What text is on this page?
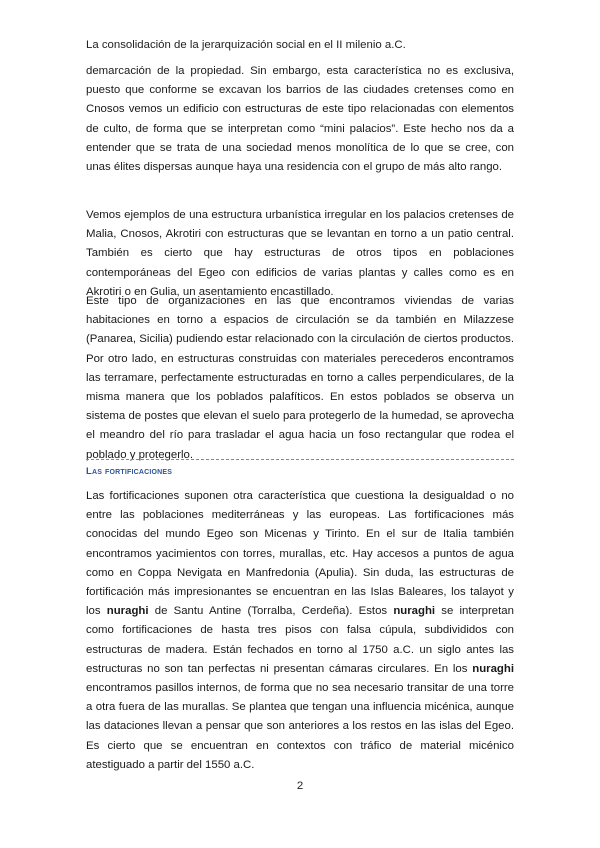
La consolidación de la jerarquización social en el II milenio a.C.

demarcación de la propiedad. Sin embargo, esta característica no es exclusiva, puesto que conforme se excavan los barrios de las ciudades cretenses como en Cnosos vemos un edificio con estructuras de este tipo relacionadas con elementos de culto, de forma que se interpretan como “mini palacios”. Este hecho nos da a entender que se trata de una sociedad menos monolítica de lo que se cree, con unas élites dispersas aunque haya una residencia con el grupo de más alto rango.

Vemos ejemplos de una estructura urbanística irregular en los palacios cretenses de Malia, Cnosos, Akrotiri con estructuras que se levantan en torno a un patio central. También es cierto que hay estructuras de otros tipos en poblaciones contemporáneas del Egeo con edificios de varias plantas y calles como es en Akrotiri o en Gulia, un asentamiento encastillado.

Este tipo de organizaciones en las que encontramos viviendas de varias habitaciones en torno a espacios de circulación se da también en Milazzese (Panarea, Sicilia) pudiendo estar relacionado con la circulación de ciertos productos. Por otro lado, en estructuras construidas con materiales perecederos encontramos las terramare, perfectamente estructuradas en torno a calles perpendiculares, de la misma manera que los poblados palafíticos. En estos poblados se observa un sistema de postes que elevan el suelo para protegerlo de la humedad, se aprovecha el meandro del río para trasladar el agua hacia un foso rectangular que rodea el poblado y protegerlo.

Las fortificaciones

Las fortificaciones suponen otra característica que cuestiona la desigualdad o no entre las poblaciones mediterráneas y las europeas. Las fortificaciones más conocidas del mundo Egeo son Micenas y Tirinto. En el sur de Italia también encontramos yacimientos con torres, murallas, etc. Hay accesos a puntos de agua como en Coppa Nevigata en Manfredonia (Apulia). Sin duda, las estructuras de fortificación más impresionantes se encuentran en las Islas Baleares, los talayot y los nuraghi de Santu Antine (Torralba, Cerdeña). Estos nuraghi se interpretan como fortificaciones de hasta tres pisos con falsa cúpula, subdivididos con estructuras de madera. Están fechados en torno al 1750 a.C. un siglo antes las estructuras no son tan perfectas ni presentan cámaras circulares. En los nuraghi encontramos pasillos internos, de forma que no sea necesario transitar de una torre a otra fuera de las murallas. Se plantea que tengan una influencia micénica, aunque las dataciones llevan a pensar que son anteriores a los restos en las islas del Egeo. Es cierto que se encuentran en contextos con tráfico de material micénico atestiguado a partir del 1550 a.C.

2
